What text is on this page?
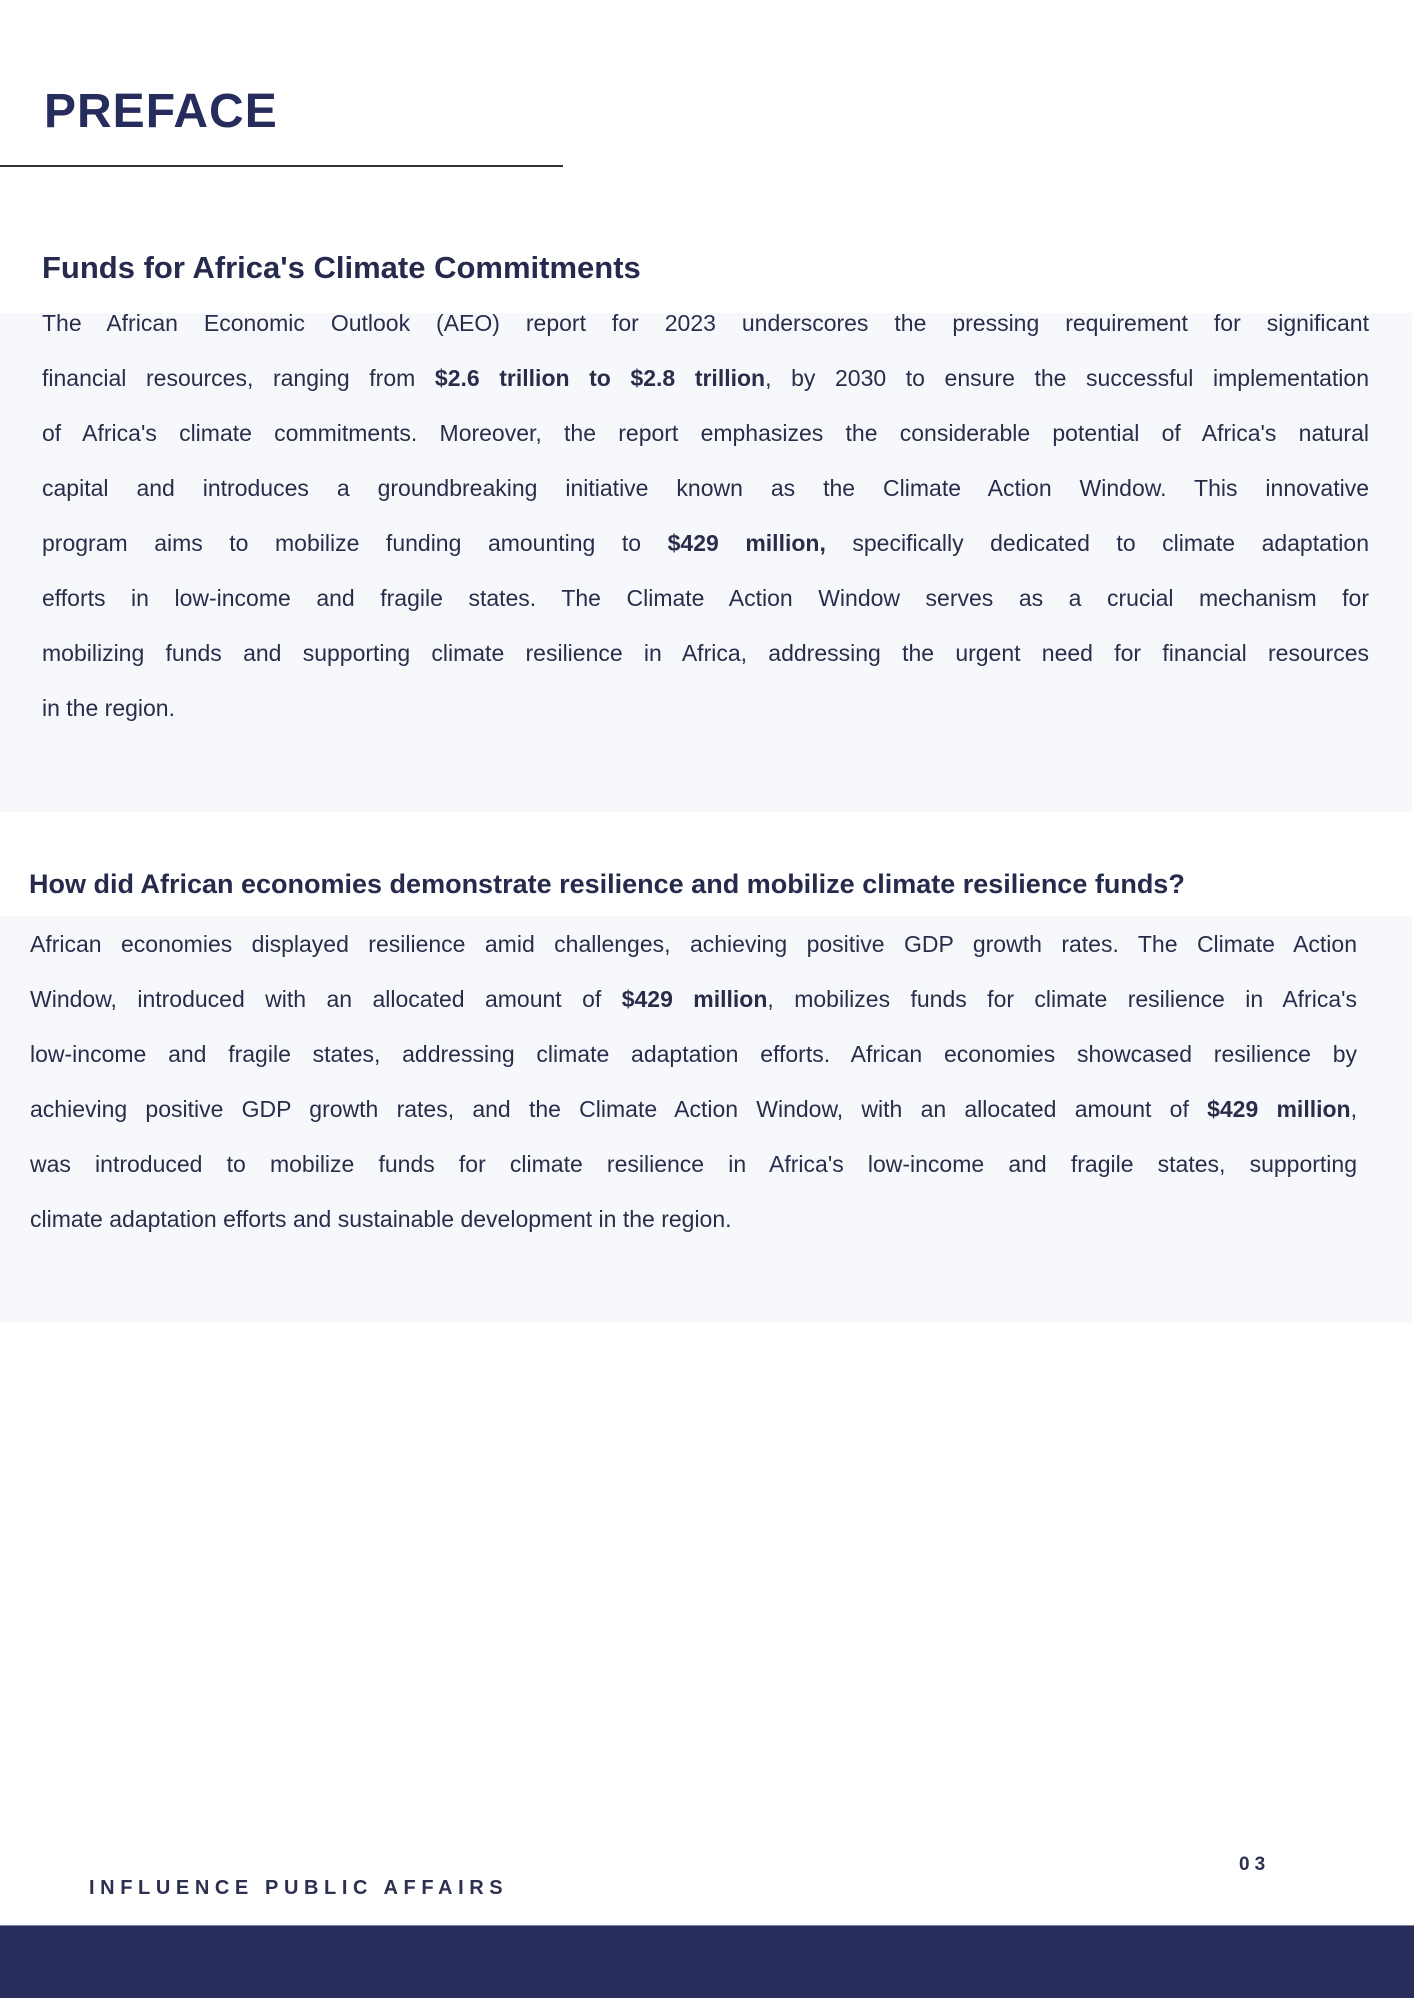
PREFACE
Funds for Africa's Climate Commitments
The African Economic Outlook (AEO) report for 2023 underscores the pressing requirement for significant
financial resources, ranging from $2.6 trillion to $2.8 trillion, by 2030 to ensure the successful implementation
of Africa's climate commitments. Moreover, the report emphasizes the considerable potential of Africa's natural
capital and introduces a groundbreaking initiative known as the Climate Action Window. This innovative
program aims to mobilize funding amounting to $429 million, specifically dedicated to climate adaptation
efforts in low-income and fragile states. The Climate Action Window serves as a crucial mechanism for
mobilizing funds and supporting climate resilience in Africa, addressing the urgent need for financial resources
in the region.
How did African economies demonstrate resilience and mobilize climate resilience funds?
African economies displayed resilience amid challenges, achieving positive GDP growth rates. The Climate Action
Window, introduced with an allocated amount of $429 million, mobilizes funds for climate resilience in Africa's
low-income and fragile states, addressing climate adaptation efforts. African economies showcased resilience by
achieving positive GDP growth rates, and the Climate Action Window, with an allocated amount of $429 million,
was introduced to mobilize funds for climate resilience in Africa's low-income and fragile states, supporting
climate adaptation efforts and sustainable development in the region.
03
INFLUENCE PUBLIC AFFAIRS
